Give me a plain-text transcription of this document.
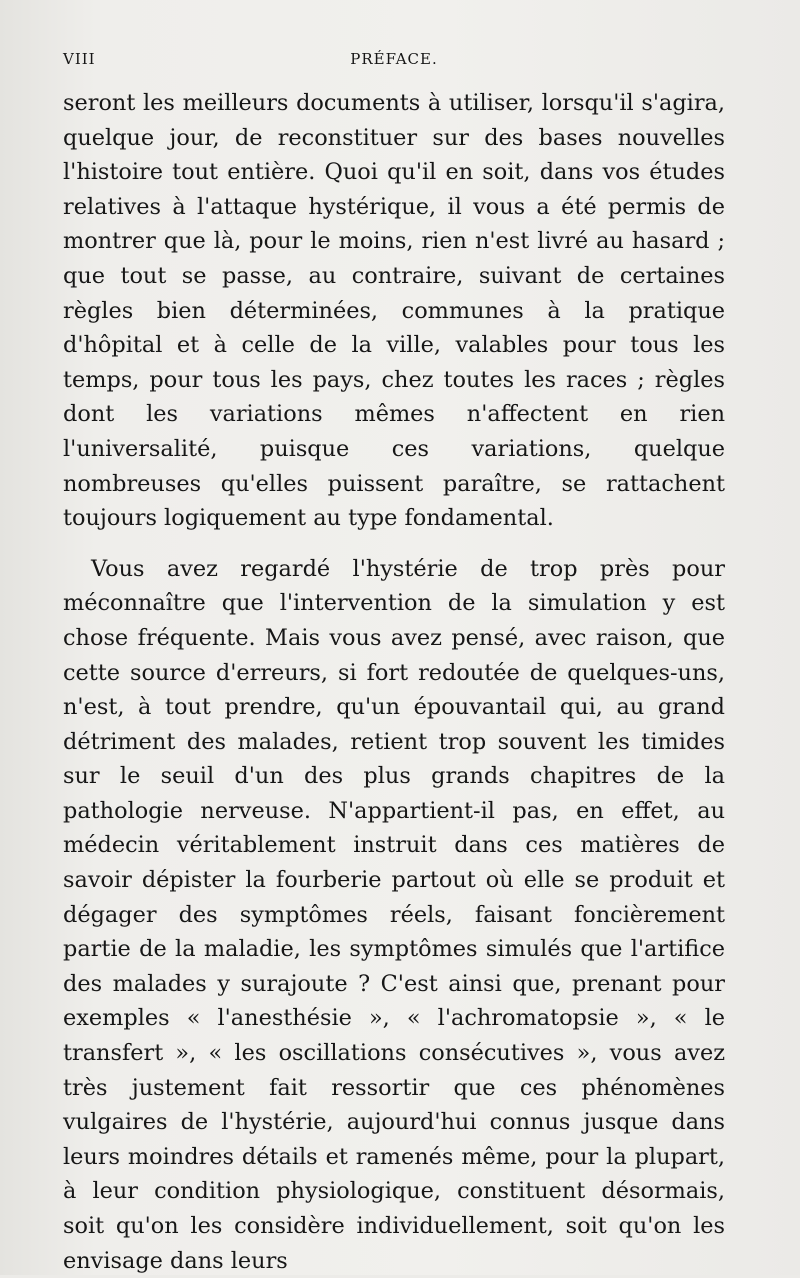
VIII	PRÉFACE.

seront les meilleurs documents à utiliser, lorsqu'il s'agira, quelque jour, de reconstituer sur des bases nouvelles l'histoire tout entière. Quoi qu'il en soit, dans vos études relatives à l'attaque hystérique, il vous a été permis de montrer que là, pour le moins, rien n'est livré au hasard ; que tout se passe, au contraire, suivant de certaines règles bien déterminées, communes à la pratique d'hôpital et à celle de la ville, valables pour tous les temps, pour tous les pays, chez toutes les races ; règles dont les variations mêmes n'affectent en rien l'universalité, puisque ces variations, quelque nombreuses qu'elles puissent paraître, se rattachent toujours logiquement au type fondamental.

Vous avez regardé l'hystérie de trop près pour méconnaître que l'intervention de la simulation y est chose fréquente. Mais vous avez pensé, avec raison, que cette source d'erreurs, si fort redoutée de quelques-uns, n'est, à tout prendre, qu'un épouvantail qui, au grand détriment des malades, retient trop souvent les timides sur le seuil d'un des plus grands chapitres de la pathologie nerveuse. N'appartient-il pas, en effet, au médecin véritablement instruit dans ces matières de savoir dépister la fourberie partout où elle se produit et dégager des symptômes réels, faisant foncièrement partie de la maladie, les symptômes simulés que l'artifice des malades y surajoute ? C'est ainsi que, prenant pour exemples « l'anesthésie », « l'achromatopsie », « le transfert », « les oscillations consécutives », vous avez très justement fait ressortir que ces phénomènes vulgaires de l'hystérie, aujourd'hui connus jusque dans leurs moindres détails et ramenés même, pour la plupart, à leur condition physiologique, constituent désormais, soit qu'on les considère individuellement, soit qu'on les envisage dans leurs
